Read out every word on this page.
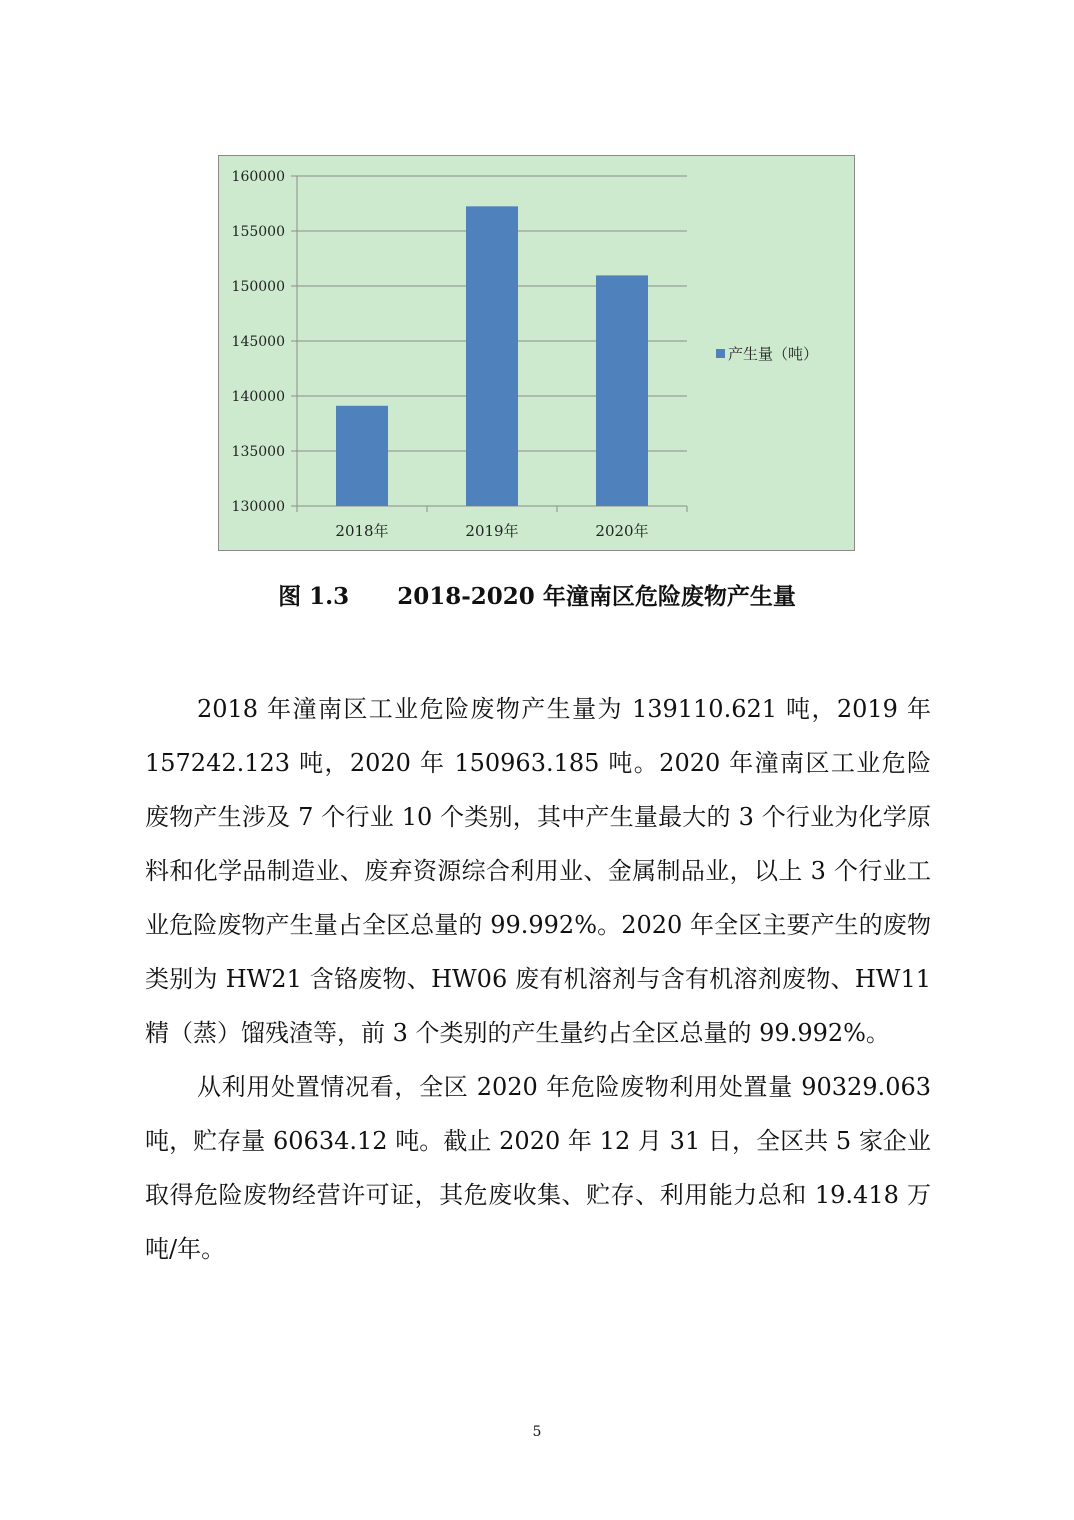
130000
135000
140000
145000
150000
155000
160000
2018年	2019年	2020年
产生量（吨）
图 1.3 2018-2020 年潼南区危险废物产生量

2018 年潼南区工业危险废物产生量为 139110.621 吨，2019 年 157242.123 吨，2020 年 150963.185 吨。2020 年潼南区工业危险废物产生涉及 7 个行业 10 个类别，其中产生量最大的 3 个行业为化学原料和化学品制造业、废弃资源综合利用业、金属制品业，以上 3 个行业工业危险废物产生量占全区总量的 99.992%。2020 年全区主要产生的废物类别为 HW21 含铬废物、HW06 废有机溶剂与含有机溶剂废物、HW11 精（蒸）馏残渣等，前 3 个类别的产生量约占全区总量的 99.992%。

从利用处置情况看，全区 2020 年危险废物利用处置量 90329.063 吨，贮存量 60634.12 吨。截止 2020 年 12 月 31 日，全区共 5 家企业取得危险废物经营许可证，其危废收集、贮存、利用能力总和 19.418 万吨/年。

5
